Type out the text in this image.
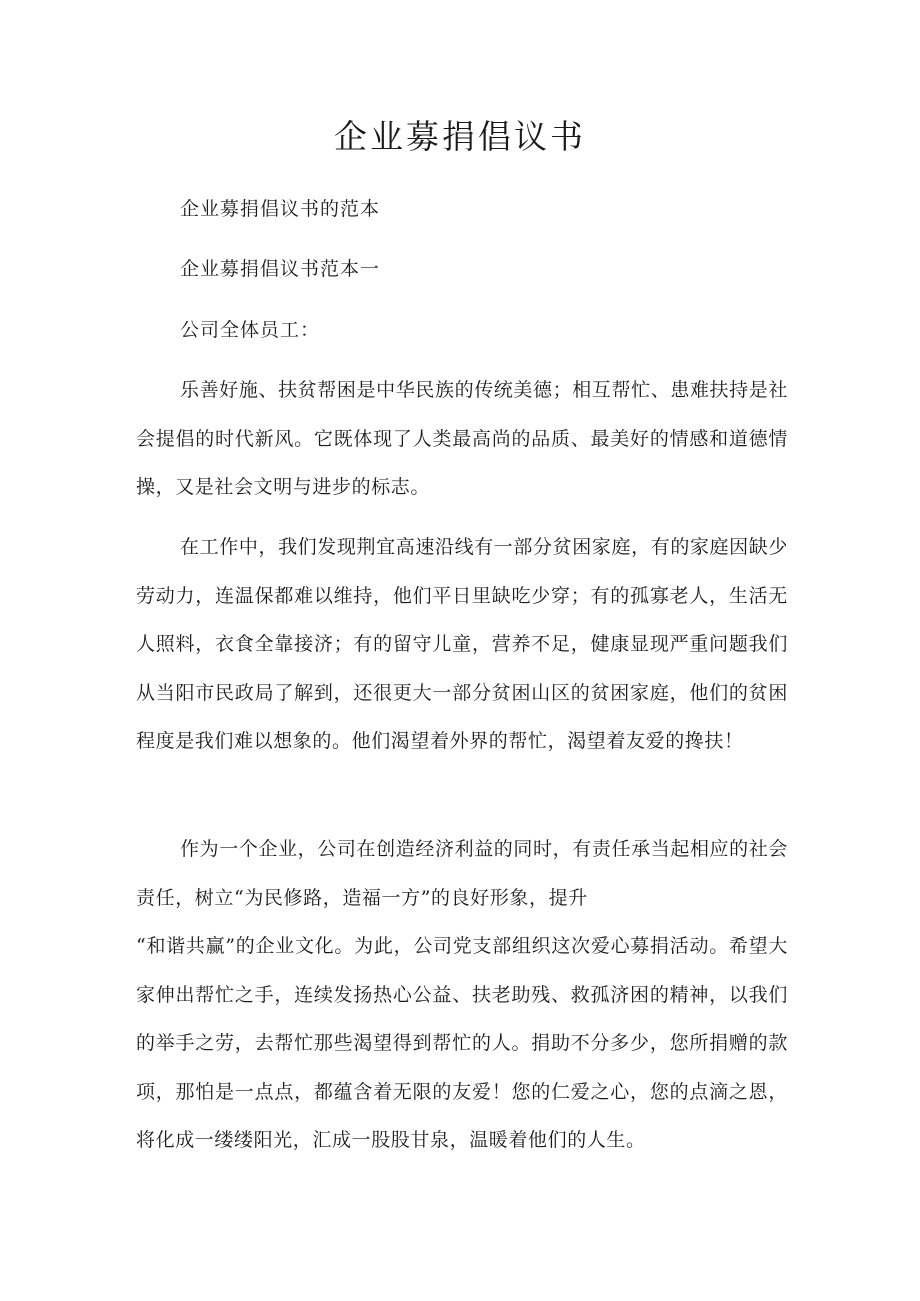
企业募捐倡议书

企业募捐倡议书的范本

企业募捐倡议书范本一

公司全体员工：

乐善好施、扶贫帮困是中华民族的传统美德；相互帮忙、患难扶持是社会提倡的时代新风。它既体现了人类最高尚的品质、最美好的情感和道德情操，又是社会文明与进步的标志。

在工作中，我们发现荆宜高速沿线有一部分贫困家庭，有的家庭因缺少劳动力，连温保都难以维持，他们平日里缺吃少穿；有的孤寡老人，生活无人照料，衣食全靠接济；有的留守儿童，营养不足，健康显现严重问题我们从当阳市民政局了解到，还很更大一部分贫困山区的贫困家庭，他们的贫困程度是我们难以想象的。他们渴望着外界的帮忙，渴望着友爱的搀扶！

作为一个企业，公司在创造经济利益的同时，有责任承当起相应的社会责任，树立“为民修路，造福一方”的良好形象，提升

“和谐共赢”的企业文化。为此，公司党支部组织这次爱心募捐活动。希望大家伸出帮忙之手，连续发扬热心公益、扶老助残、救孤济困的精神，以我们的举手之劳，去帮忙那些渴望得到帮忙的人。捐助不分多少，您所捐赠的款项，那怕是一点点，都蕴含着无限的友爱！您的仁爱之心，您的点滴之恩，将化成一缕缕阳光，汇成一股股甘泉，温暖着他们的人生。
